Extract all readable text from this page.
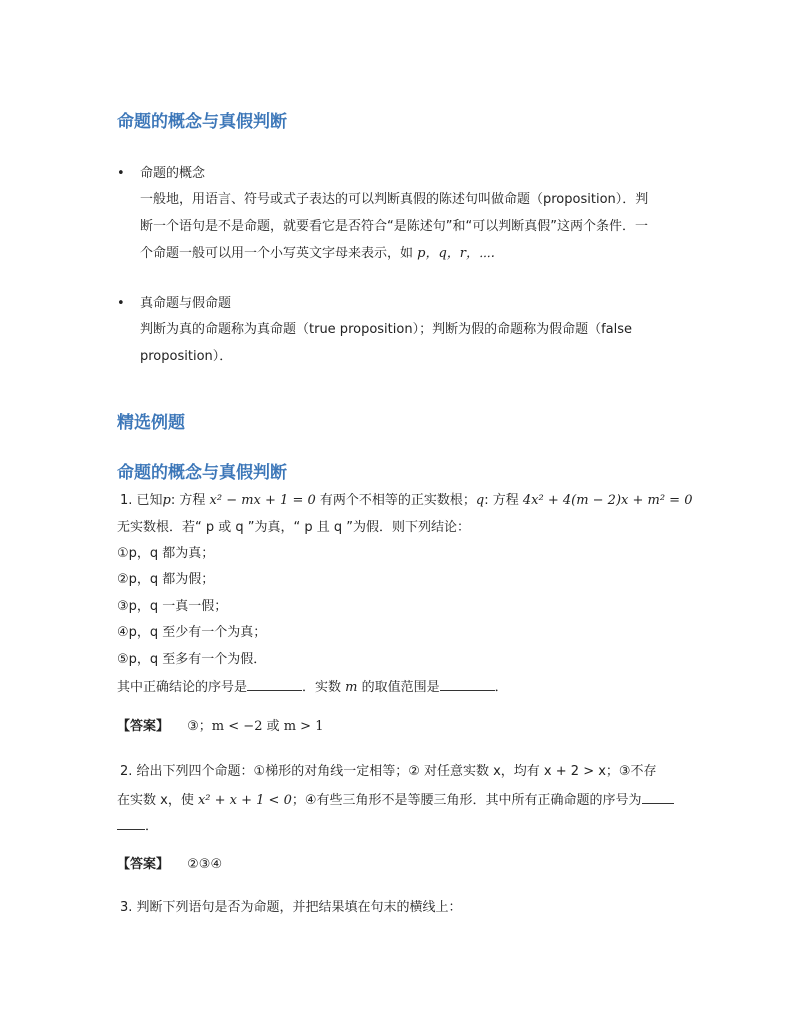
命题的概念与真假判断
• 命题的概念
一般地，用语言、符号或式子表达的可以判断真假的陈述句叫做命题（proposition）．判
断一个语句是不是命题，就要看它是否符合“是陈述句”和“可以判断真假”这两个条件．一
个命题一般可以用一个小写英文字母来表示，如 p，q，r，⋯.
• 真命题与假命题
判断为真的命题称为真命题（true proposition）；判断为假的命题称为假命题（false
proposition）．
精选例题
命题的概念与真假判断
1. 已知p: 方程 x² − mx + 1 = 0 有两个不相等的正实数根；q: 方程 4x² + 4(m − 2)x + m² = 0
无实数根．若“ p 或 q ”为真，“ p 且 q ”为假．则下列结论：
①p，q 都为真；
②p，q 都为假；
③p，q 一真一假；
④p，q 至少有一个为真；
⑤p，q 至多有一个为假．
其中正确结论的序号是	．实数 m 的取值范围是	．
【答案】 ③；m < −2 或 m > 1
2. 给出下列四个命题：①梯形的对角线一定相等；② 对任意实数 x，均有 x + 2 > x；③不存
在实数 x，使 x² + x + 1 < 0；④有些三角形不是等腰三角形．其中所有正确命题的序号为
．
【答案】 ②③④
3. 判断下列语句是否为命题，并把结果填在句末的横线上：
